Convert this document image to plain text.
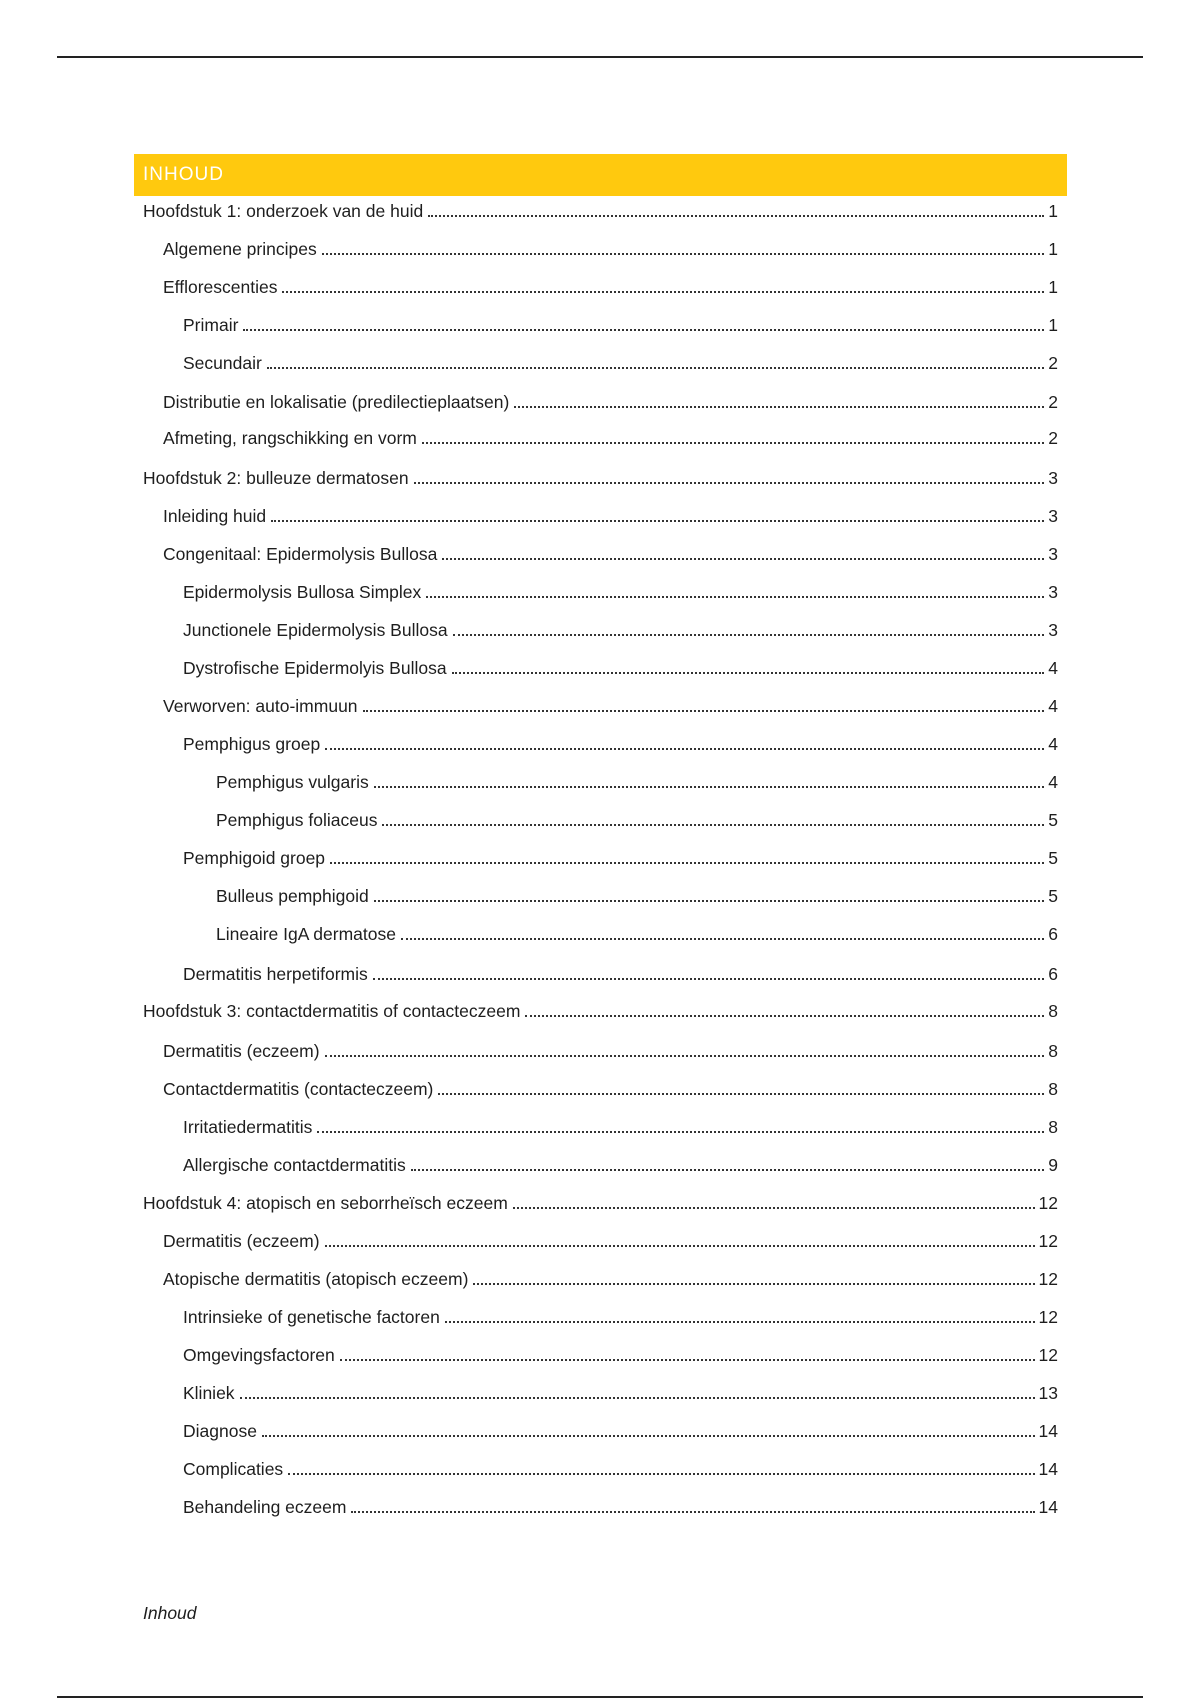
INHOUD
Hoofdstuk 1: onderzoek van de huid	1
Algemene principes	1
Efflorescenties	1
Primair	1
Secundair	2
Distributie en lokalisatie (predilectieplaatsen)	2
Afmeting, rangschikking en vorm	2
Hoofdstuk 2: bulleuze dermatosen	3
Inleiding huid	3
Congenitaal: Epidermolysis Bullosa	3
Epidermolysis Bullosa Simplex	3
Junctionele Epidermolysis Bullosa	3
Dystrofische Epidermolyis Bullosa	4
Verworven: auto-immuun	4
Pemphigus groep	4
Pemphigus vulgaris	4
Pemphigus foliaceus	5
Pemphigoid groep	5
Bulleus pemphigoid	5
Lineaire IgA dermatose	6
Dermatitis herpetiformis	6
Hoofdstuk 3: contactdermatitis of contacteczeem	8
Dermatitis (eczeem)	8
Contactdermatitis (contacteczeem)	8
Irritatiedermatitis	8
Allergische contactdermatitis	9
Hoofdstuk 4: atopisch en seborrheïsch eczeem	12
Dermatitis (eczeem)	12
Atopische dermatitis (atopisch eczeem)	12
Intrinsieke of genetische factoren	12
Omgevingsfactoren	12
Kliniek	13
Diagnose	14
Complicaties	14
Behandeling eczeem	14
Inhoud
